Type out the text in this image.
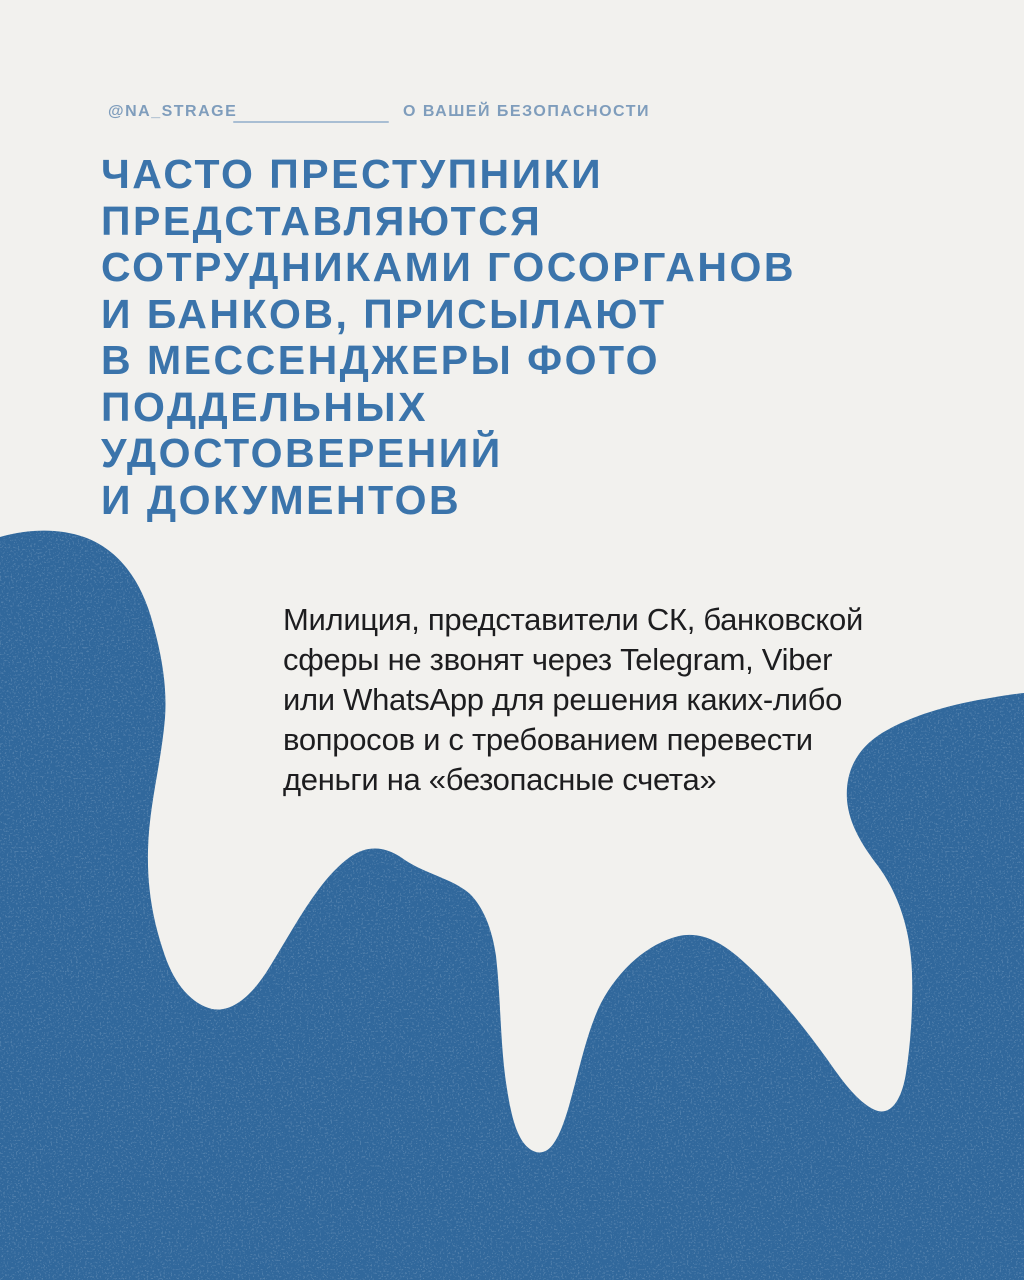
@NA_STRAGE	О ВАШЕЙ БЕЗОПАСНОСТИ
ЧАСТО ПРЕСТУПНИКИ
ПРЕДСТАВЛЯЮТСЯ
СОТРУДНИКАМИ ГОСОРГАНОВ
И БАНКОВ, ПРИСЫЛАЮТ
В МЕССЕНДЖЕРЫ ФОТО
ПОДДЕЛЬНЫХ
УДОСТОВЕРЕНИЙ
И ДОКУМЕНТОВ
Милиция, представители СК, банковской
сферы не звонят через Telegram, Viber
или WhatsApp для решения каких-либо
вопросов и с требованием перевести
деньги на «безопасные счета»
